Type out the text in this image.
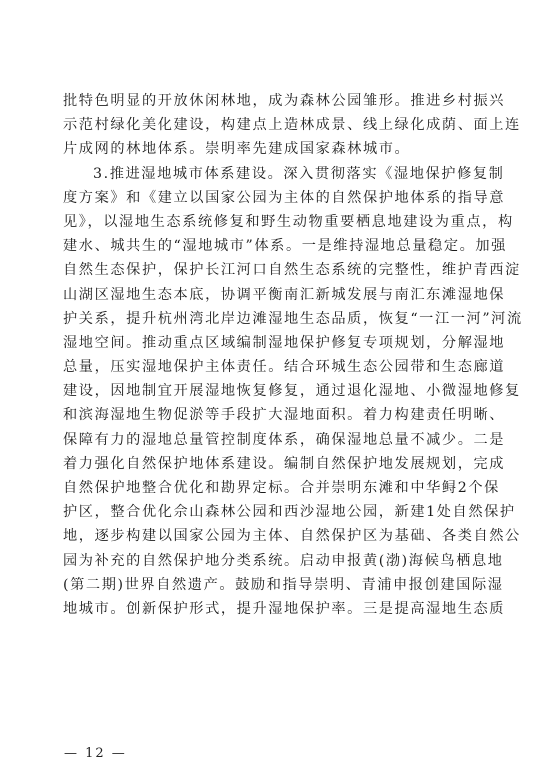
批特色明显的开放休闲林地，成为森林公园雏形。推进乡村振兴
示范村绿化美化建设，构建点上造林成景、线上绿化成荫、面上连
片成网的林地体系。崇明率先建成国家森林城市。
3.推进湿地城市体系建设。深入贯彻落实《湿地保护修复制
度方案》和《建立以国家公园为主体的自然保护地体系的指导意
见》，以湿地生态系统修复和野生动物重要栖息地建设为重点，构
建水、城共生的“湿地城市”体系。一是维持湿地总量稳定。加强
自然生态保护，保护长江河口自然生态系统的完整性，维护青西淀
山湖区湿地生态本底，协调平衡南汇新城发展与南汇东滩湿地保
护关系，提升杭州湾北岸边滩湿地生态品质，恢复“一江一河”河流
湿地空间。推动重点区域编制湿地保护修复专项规划，分解湿地
总量，压实湿地保护主体责任。结合环城生态公园带和生态廊道
建设，因地制宜开展湿地恢复修复，通过退化湿地、小微湿地修复
和滨海湿地生物促淤等手段扩大湿地面积。着力构建责任明晰、
保障有力的湿地总量管控制度体系，确保湿地总量不减少。二是
着力强化自然保护地体系建设。编制自然保护地发展规划，完成
自然保护地整合优化和勘界定标。合并崇明东滩和中华鲟2个保
护区，整合优化佘山森林公园和西沙湿地公园，新建1处自然保护
地，逐步构建以国家公园为主体、自然保护区为基础、各类自然公
园为补充的自然保护地分类系统。启动申报黄(渤)海候鸟栖息地
(第二期)世界自然遗产。鼓励和指导崇明、青浦申报创建国际湿
地城市。创新保护形式，提升湿地保护率。三是提高湿地生态质
— 12 —
